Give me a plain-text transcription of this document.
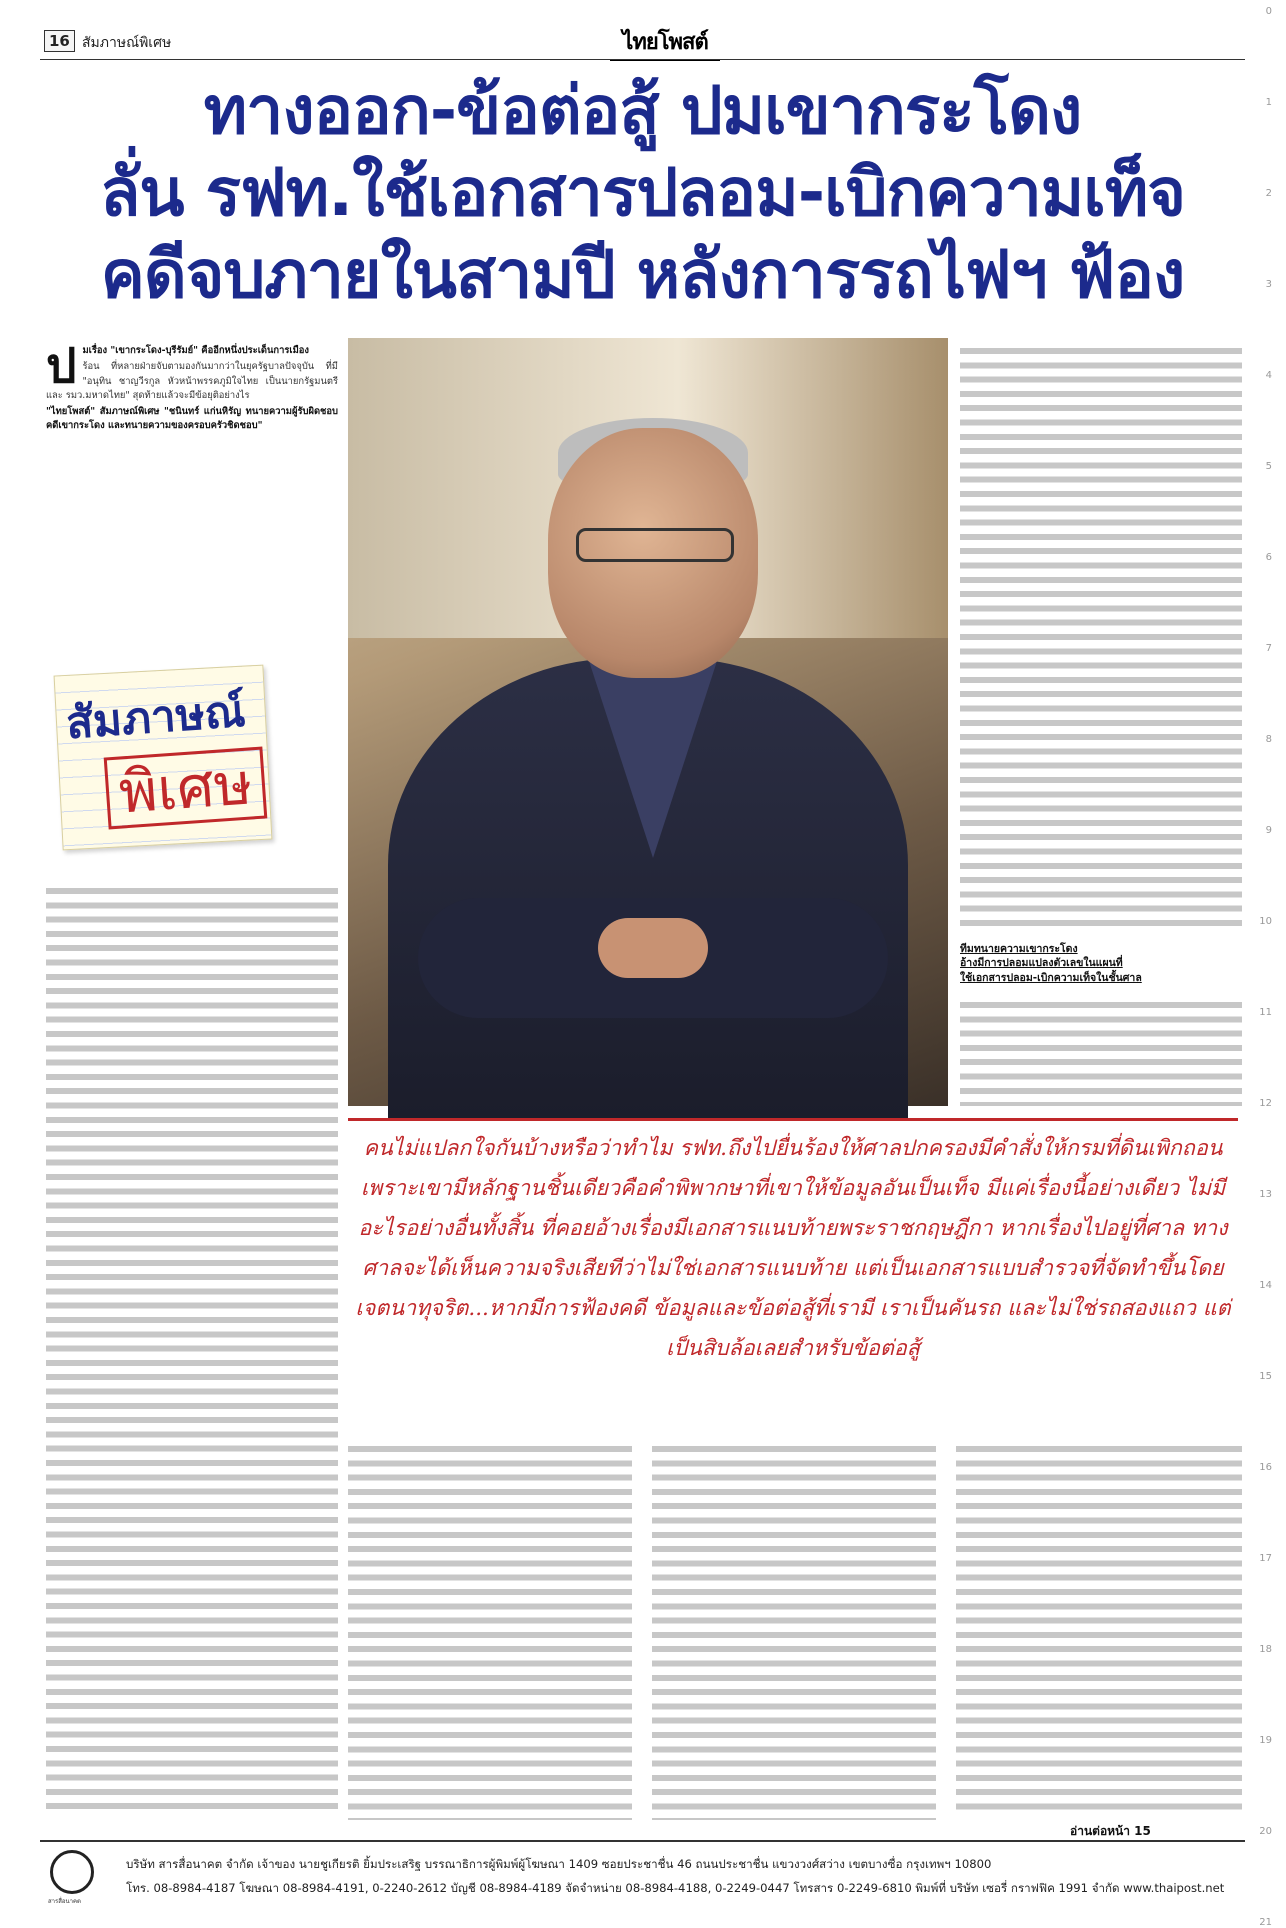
0
1
2
3
4
5
6
7
8
9
10
11
12
13
14
15
16
17
18
19
20
21
16 สัมภาษณ์พิเศษ	ไทยโพสต์
ทางออก-ข้อต่อสู้ ปมเขากระโดง
ลั่น รฟท.ใช้เอกสารปลอม-เบิกความเท็จ
คดีจบภายในสามปี หลังการรถไฟฯ ฟ้อง
ป มเรื่อง "เขากระโดง-บุรีรัมย์" คืออีกหนึ่งประเด็นการเมือง

ร้อน ที่หลายฝ่ายจับตามองกันมากว่าในยุครัฐบาลปัจจุบัน ที่มี "อนุทิน ชาญวีรกูล หัวหน้าพรรคภูมิใจไทย เป็นนายกรัฐมนตรีและ รมว.มหาดไทย" สุดท้ายแล้วจะมีข้อยุติอย่างไร

"ไทยโพสต์" สัมภาษณ์พิเศษ "ชนินทร์ แก่นหิรัญ ทนายความผู้รับผิดชอบคดีเขากระโดง และทนายความของครอบครัวชิดชอบ"

สัมภาษณ์
พิเศษ
ทีมทนายความเขากระโดง
อ้างมีการปลอมแปลงตัวเลขในแผนที่
ใช้เอกสารปลอม-เบิกความเท็จในชั้นศาล
คนไม่แปลกใจกันบ้างหรือว่าทำไม รฟท.ถึงไปยื่นร้องให้ศาลปกครองมีคำสั่งให้กรมที่ดินเพิกถอน เพราะเขามีหลักฐานชิ้นเดียวคือคำพิพากษาที่เขาให้ข้อมูลอันเป็นเท็จ มีแค่เรื่องนี้อย่างเดียว ไม่มีอะไรอย่างอื่นทั้งสิ้น ที่คอยอ้างเรื่องมีเอกสารแนบท้ายพระราชกฤษฎีกา หากเรื่องไปอยู่ที่ศาล ทางศาลจะได้เห็นความจริงเสียทีว่าไม่ใช่เอกสารแนบท้าย แต่เป็นเอกสารแบบสำรวจที่จัดทำขึ้นโดยเจตนาทุจริต...หากมีการฟ้องคดี ข้อมูลและข้อต่อสู้ที่เรามี เราเป็นคันรถ และไม่ใช่รถสองแถว แต่เป็นสิบล้อเลยสำหรับข้อต่อสู้
อ่านต่อหน้า 15
สารสื่อนาคต
บริษัท สารสื่อนาคต จำกัด เจ้าของ นายชูเกียรติ ยิ้มประเสริฐ บรรณาธิการผู้พิมพ์ผู้โฆษณา 1409 ซอยประชาชื่น 46 ถนนประชาชื่น แขวงวงศ์สว่าง เขตบางซื่อ กรุงเทพฯ 10800
โทร. 08-8984-4187 โฆษณา 08-8984-4191, 0-2240-2612 บัญชี 08-8984-4189 จัดจำหน่าย 08-8984-4188, 0-2249-0447 โทรสาร 0-2249-6810 พิมพ์ที่ บริษัท เซอรี่ กราฟฟิค 1991 จำกัด www.thaipost.net
